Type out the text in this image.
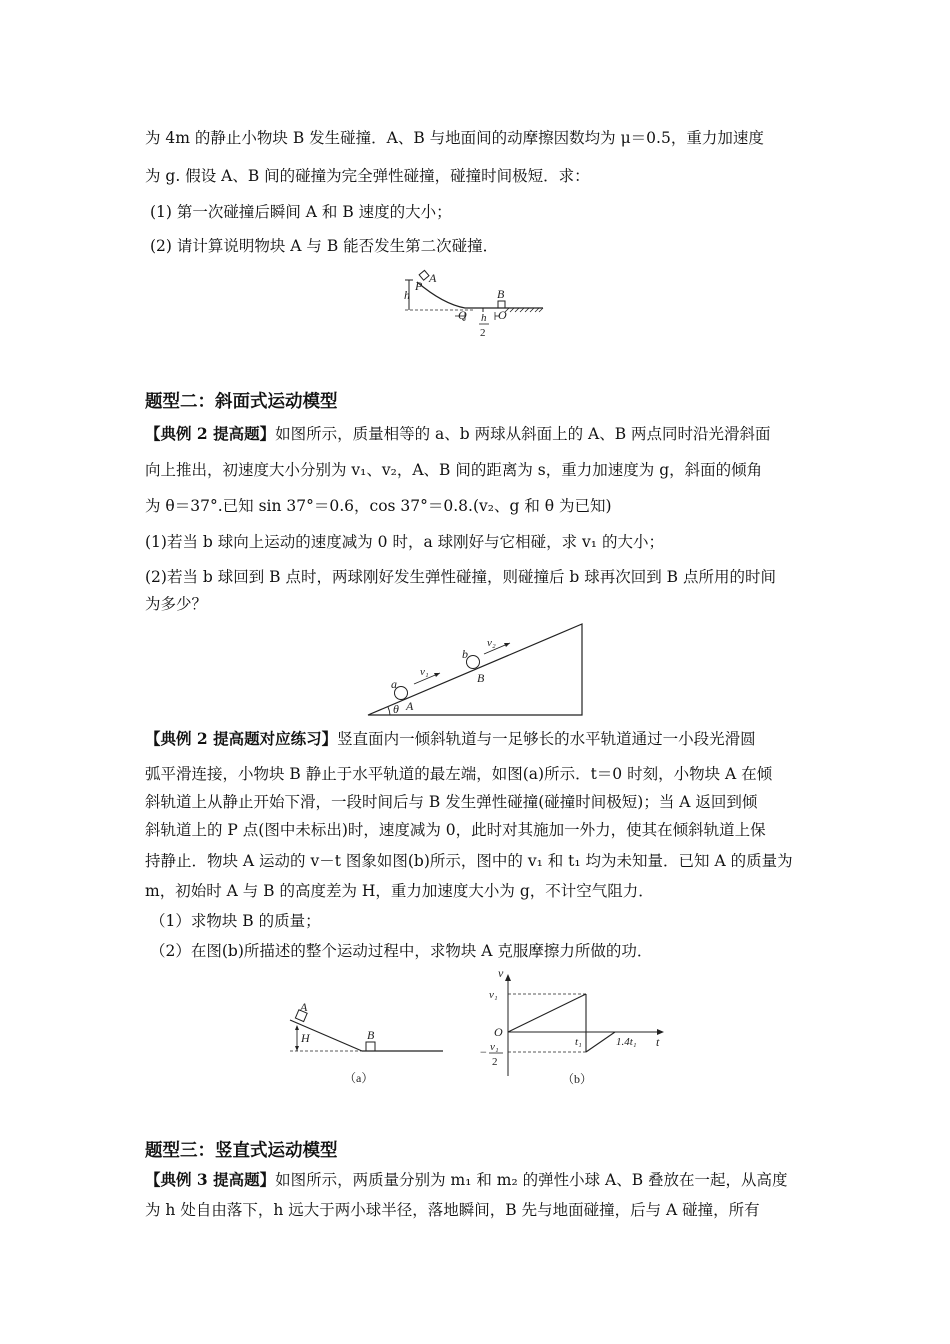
为 4m 的静止小物块 B 发生碰撞．A、B 与地面间的动摩擦因数均为 μ＝0.5，重力加速度
为 g. 假设 A、B 间的碰撞为完全弹性碰撞，碰撞时间极短．求：
(1) 第一次碰撞后瞬间 A 和 B 速度的大小；
(2) 请计算说明物块 A 与 B 能否发生第二次碰撞．
A
P
h	B
Q	O
h
2
题型二：斜面式运动模型
【典例 2 提高题】如图所示，质量相等的 a、b 两球从斜面上的 A、B 两点同时沿光滑斜面
向上推出，初速度大小分别为 v₁、v₂，A、B 间的距离为 s，重力加速度为 g，斜面的倾角
为 θ＝37°.已知 sin 37°＝0.6，cos 37°＝0.8.(v₂、g 和 θ 为已知)
(1)若当 b 球向上运动的速度减为 0 时，a 球刚好与它相碰，求 v₁ 的大小；
(2)若当 b 球回到 B 点时，两球刚好发生弹性碰撞，则碰撞后 b 球再次回到 B 点所用的时间
为多少？
a
b
v₁
v₂
A
B
θ
【典例 2 提高题对应练习】竖直面内一倾斜轨道与一足够长的水平轨道通过一小段光滑圆
弧平滑连接，小物块 B 静止于水平轨道的最左端，如图(a)所示．t＝0 时刻，小物块 A 在倾
斜轨道上从静止开始下滑，一段时间后与 B 发生弹性碰撞(碰撞时间极短)；当 A 返回到倾
斜轨道上的 P 点(图中未标出)时，速度减为 0，此时对其施加一外力，使其在倾斜轨道上保
持静止．物块 A 运动的 v－t 图象如图(b)所示，图中的 v₁ 和 t₁ 均为未知量．已知 A 的质量为
m，初始时 A 与 B 的高度差为 H，重力加速度大小为 g，不计空气阻力．
（1）求物块 B 的质量；
（2）在图(b)所描述的整个运动过程中，求物块 A 克服摩擦力所做的功．
A
H	B
（a）
v
v₁
O
t₁	1.4t₁ t
− v₁
2
（b）
题型三：竖直式运动模型
【典例 3 提高题】如图所示，两质量分别为 m₁ 和 m₂ 的弹性小球 A、B 叠放在一起，从高度
为 h 处自由落下，h 远大于两小球半径，落地瞬间，B 先与地面碰撞，后与 A 碰撞，所有
